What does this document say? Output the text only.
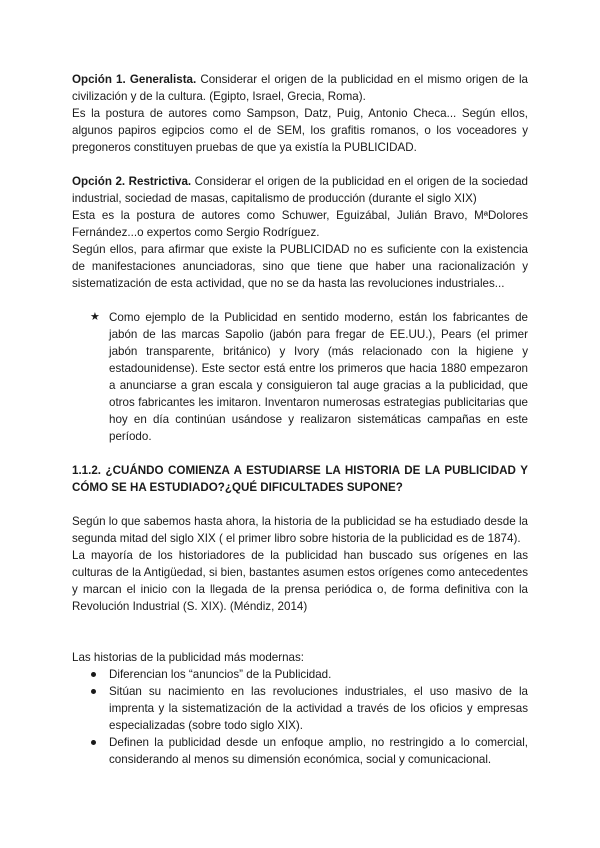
Opción 1. Generalista. Considerar el origen de la publicidad en el mismo origen de la civilización y de la cultura. (Egipto, Israel, Grecia, Roma).

Es la postura de autores como Sampson, Datz, Puig, Antonio Checa... Según ellos, algunos papiros egipcios como el de SEM, los grafitis romanos, o los voceadores y pregoneros constituyen pruebas de que ya existía la PUBLICIDAD.

Opción 2. Restrictiva. Considerar el origen de la publicidad en el origen de la sociedad industrial, sociedad de masas, capitalismo de producción (durante el siglo XIX)

Esta es la postura de autores como Schuwer, Eguizábal, Julián Bravo, MªDolores Fernández...o expertos como Sergio Rodríguez.

Según ellos, para afirmar que existe la PUBLICIDAD no es suficiente con la existencia de manifestaciones anunciadoras, sino que tiene que haber una racionalización y sistematización de esta actividad, que no se da hasta las revoluciones industriales...

★ Como ejemplo de la Publicidad en sentido moderno, están los fabricantes de jabón de las marcas Sapolio (jabón para fregar de EE.UU.), Pears (el primer jabón transparente, británico) y Ivory (más relacionado con la higiene y estadounidense). Este sector está entre los primeros que hacia 1880 empezaron a anunciarse a gran escala y consiguieron tal auge gracias a la publicidad, que otros fabricantes les imitaron. Inventaron numerosas estrategias publicitarias que hoy en día continúan usándose y realizaron sistemáticas campañas en este período.

1.1.2. ¿CUÁNDO COMIENZA A ESTUDIARSE LA HISTORIA DE LA PUBLICIDAD Y CÓMO SE HA ESTUDIADO?¿QUÉ DIFICULTADES SUPONE?

Según lo que sabemos hasta ahora, la historia de la publicidad se ha estudiado desde la segunda mitad del siglo XIX ( el primer libro sobre historia de la publicidad es de 1874).

La mayoría de los historiadores de la publicidad han buscado sus orígenes en las culturas de la Antigüedad, si bien, bastantes asumen estos orígenes como antecedentes y marcan el inicio con la llegada de la prensa periódica o, de forma definitiva con la Revolución Industrial (S. XIX). (Méndiz, 2014)

Las historias de la publicidad más modernas:

Diferencian los “anuncios” de la Publicidad.
Sitúan su nacimiento en las revoluciones industriales, el uso masivo de la imprenta y la sistematización de la actividad a través de los oficios y empresas especializadas (sobre todo siglo XIX).
Definen la publicidad desde un enfoque amplio, no restringido a lo comercial, considerando al menos su dimensión económica, social y comunicacional.
